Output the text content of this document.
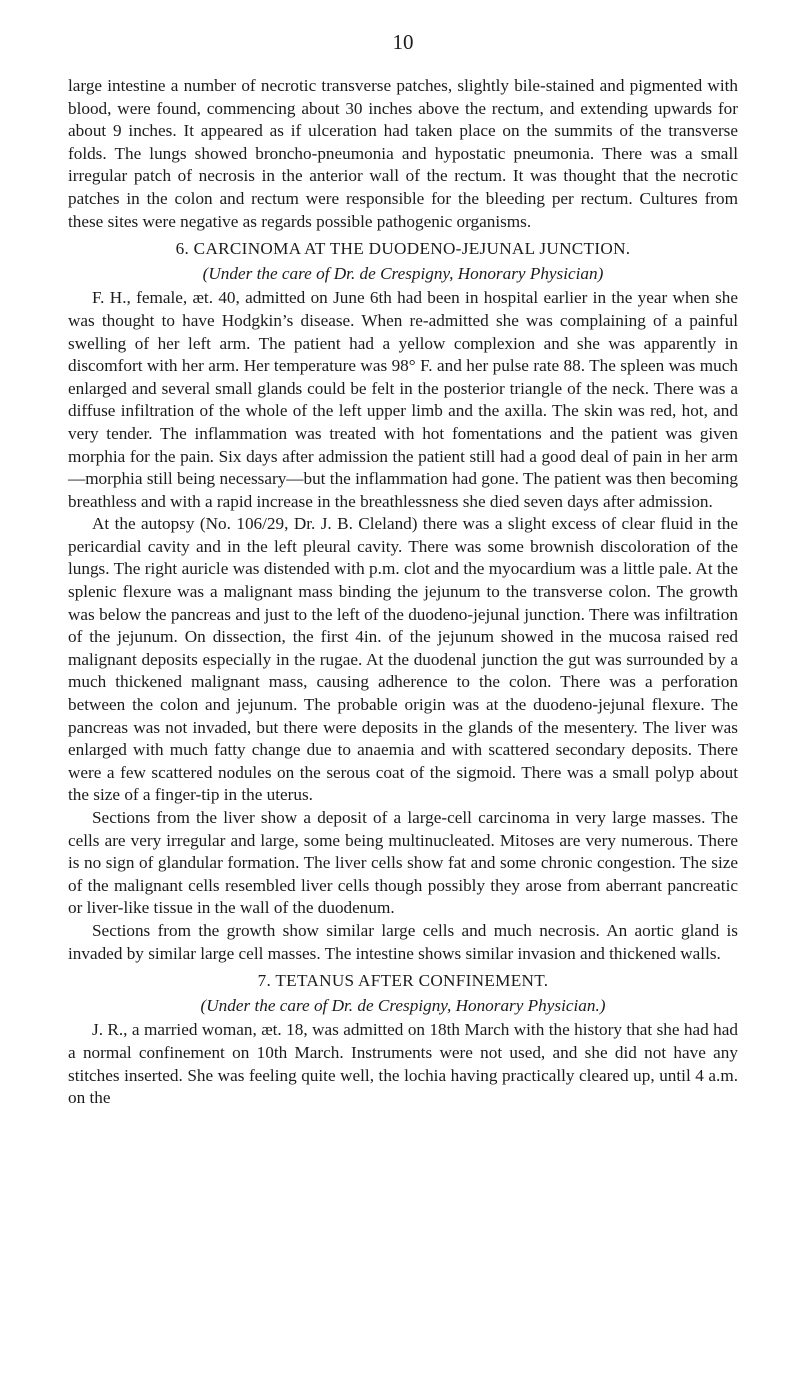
10

large intestine a number of necrotic transverse patches, slightly bile-stained and pigmented with blood, were found, commencing about 30 inches above the rectum, and extending upwards for about 9 inches. It appeared as if ulceration had taken place on the summits of the transverse folds. The lungs showed broncho-pneumonia and hypostatic pneumonia. There was a small irregular patch of necrosis in the anterior wall of the rectum. It was thought that the necrotic patches in the colon and rectum were responsible for the bleeding per rectum. Cultures from these sites were negative as regards possible pathogenic organisms.

6. CARCINOMA AT THE DUODENO-JEJUNAL JUNCTION.
(Under the care of Dr. de Crespigny, Honorary Physician)

F. H., female, æt. 40, admitted on June 6th had been in hospital earlier in the year when she was thought to have Hodgkin’s disease. When re-admitted she was complaining of a painful swelling of her left arm. The patient had a yellow complexion and she was apparently in discomfort with her arm. Her temperature was 98° F. and her pulse rate 88. The spleen was much enlarged and several small glands could be felt in the posterior triangle of the neck. There was a diffuse infiltration of the whole of the left upper limb and the axilla. The skin was red, hot, and very tender. The inflammation was treated with hot fomentations and the patient was given morphia for the pain. Six days after admission the patient still had a good deal of pain in her arm—morphia still being necessary—but the inflammation had gone. The patient was then becoming breathless and with a rapid increase in the breathlessness she died seven days after admission.

At the autopsy (No. 106/29, Dr. J. B. Cleland) there was a slight excess of clear fluid in the pericardial cavity and in the left pleural cavity. There was some brownish discoloration of the lungs. The right auricle was distended with p.m. clot and the myocardium was a little pale. At the splenic flexure was a malignant mass binding the jejunum to the transverse colon. The growth was below the pancreas and just to the left of the duodeno-jejunal junction. There was infiltration of the jejunum. On dissection, the first 4in. of the jejunum showed in the mucosa raised red malignant deposits especially in the rugae. At the duodenal junction the gut was surrounded by a much thickened malignant mass, causing adherence to the colon. There was a perforation between the colon and jejunum. The probable origin was at the duodeno-jejunal flexure. The pancreas was not invaded, but there were deposits in the glands of the mesentery. The liver was enlarged with much fatty change due to anaemia and with scattered secondary deposits. There were a few scattered nodules on the serous coat of the sigmoid. There was a small polyp about the size of a finger-tip in the uterus.

Sections from the liver show a deposit of a large-cell carcinoma in very large masses. The cells are very irregular and large, some being multinucleated. Mitoses are very numerous. There is no sign of glandular formation. The liver cells show fat and some chronic congestion. The size of the malignant cells resembled liver cells though possibly they arose from aberrant pancreatic or liver-like tissue in the wall of the duodenum.

Sections from the growth show similar large cells and much necrosis. An aortic gland is invaded by similar large cell masses. The intestine shows similar invasion and thickened walls.

7. TETANUS AFTER CONFINEMENT.
(Under the care of Dr. de Crespigny, Honorary Physician.)

J. R., a married woman, æt. 18, was admitted on 18th March with the history that she had had a normal confinement on 10th March. Instruments were not used, and she did not have any stitches inserted. She was feeling quite well, the lochia having practically cleared up, until 4 a.m. on the
